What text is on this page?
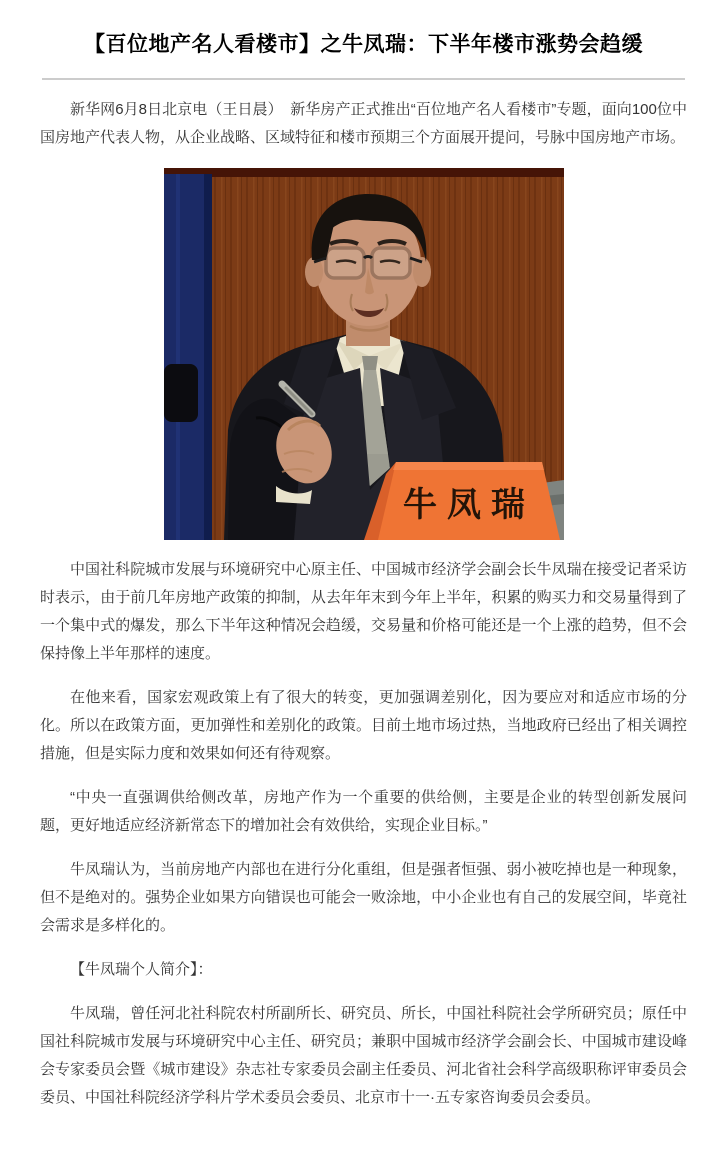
【百位地产名人看楼市】之牛凤瑞：下半年楼市涨势会趋缓

新华网6月8日北京电（王日晨）　新华房产正式推出“百位地产名人看楼市”专题，面向100位中国房地产代表人物，从企业战略、区域特征和楼市预期三个方面展开提问，号脉中国房地产市场。

牛凤瑞

中国社科院城市发展与环境研究中心原主任、中国城市经济学会副会长牛凤瑞在接受记者采访时表示，由于前几年房地产政策的抑制，从去年年末到今年上半年，积累的购买力和交易量得到了一个集中式的爆发，那么下半年这种情况会趋缓，交易量和价格可能还是一个上涨的趋势，但不会保持像上半年那样的速度。

在他来看，国家宏观政策上有了很大的转变，更加强调差别化，因为要应对和适应市场的分化。所以在政策方面，更加弹性和差别化的政策。目前土地市场过热，当地政府已经出了相关调控措施，但是实际力度和效果如何还有待观察。

“中央一直强调供给侧改革，房地产作为一个重要的供给侧，主要是企业的转型创新发展问题，更好地适应经济新常态下的增加社会有效供给，实现企业目标。”

牛凤瑞认为，当前房地产内部也在进行分化重组，但是强者恒强、弱小被吃掉也是一种现象，但不是绝对的。强势企业如果方向错误也可能会一败涂地，中小企业也有自己的发展空间，毕竟社会需求是多样化的。

【牛凤瑞个人简介】：

牛凤瑞，曾任河北社科院农村所副所长、研究员、所长，中国社科院社会学所研究员；原任中国社科院城市发展与环境研究中心主任、研究员；兼职中国城市经济学会副会长、中国城市建设峰会专家委员会暨《城市建设》杂志社专家委员会副主任委员、河北省社会科学高级职称评审委员会委员、中国社科院经济学科片学术委员会委员、北京市十一·五专家咨询委员会委员。
